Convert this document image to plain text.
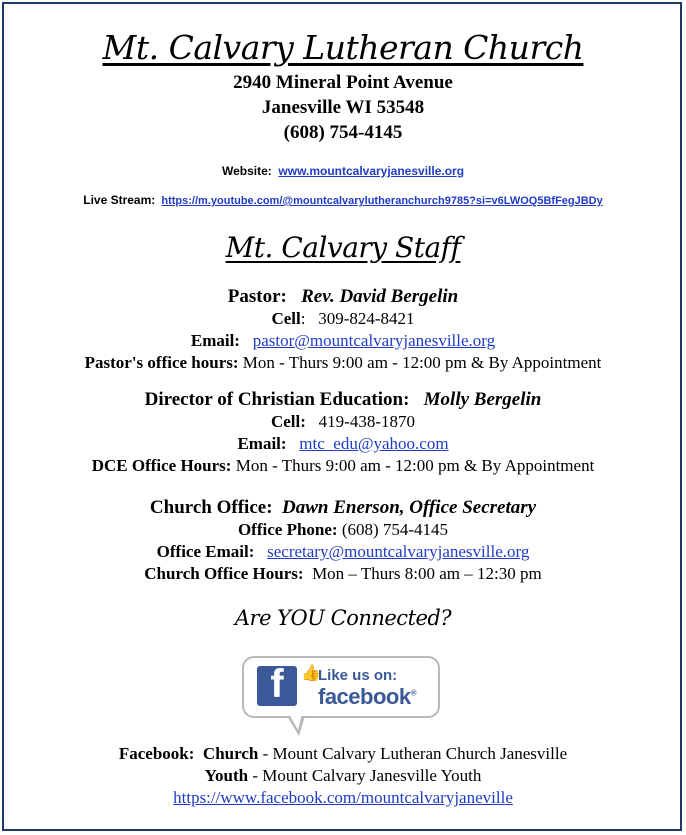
Mt. Calvary Lutheran Church
2940 Mineral Point Avenue
Janesville WI 53548
(608) 754-4145
Website: www.mountcalvaryjanesville.org
Live Stream: https://m.youtube.com/@mountcalvarylutheranchurch9785?si=v6LWOQ5BfFegJBDy
Mt. Calvary Staff
Pastor: Rev. David Bergelin
Cell: 309-824-8421
Email: pastor@mountcalvaryjanesville.org
Pastor's office hours: Mon - Thurs 9:00 am - 12:00 pm & By Appointment
Director of Christian Education: Molly Bergelin
Cell: 419-438-1870
Email: mtc_edu@yahoo.com
DCE Office Hours: Mon - Thurs 9:00 am - 12:00 pm & By Appointment
Church Office: Dawn Enerson, Office Secretary
Office Phone: (608) 754-4145
Office Email: secretary@mountcalvaryjanesville.org
Church Office Hours: Mon – Thurs 8:00 am – 12:30 pm
Are YOU Connected?
f	👍
Like us on:
facebook®
Facebook: Church - Mount Calvary Lutheran Church Janesville
Youth - Mount Calvary Janesville Youth
https://www.facebook.com/mountcalvaryjaneville
